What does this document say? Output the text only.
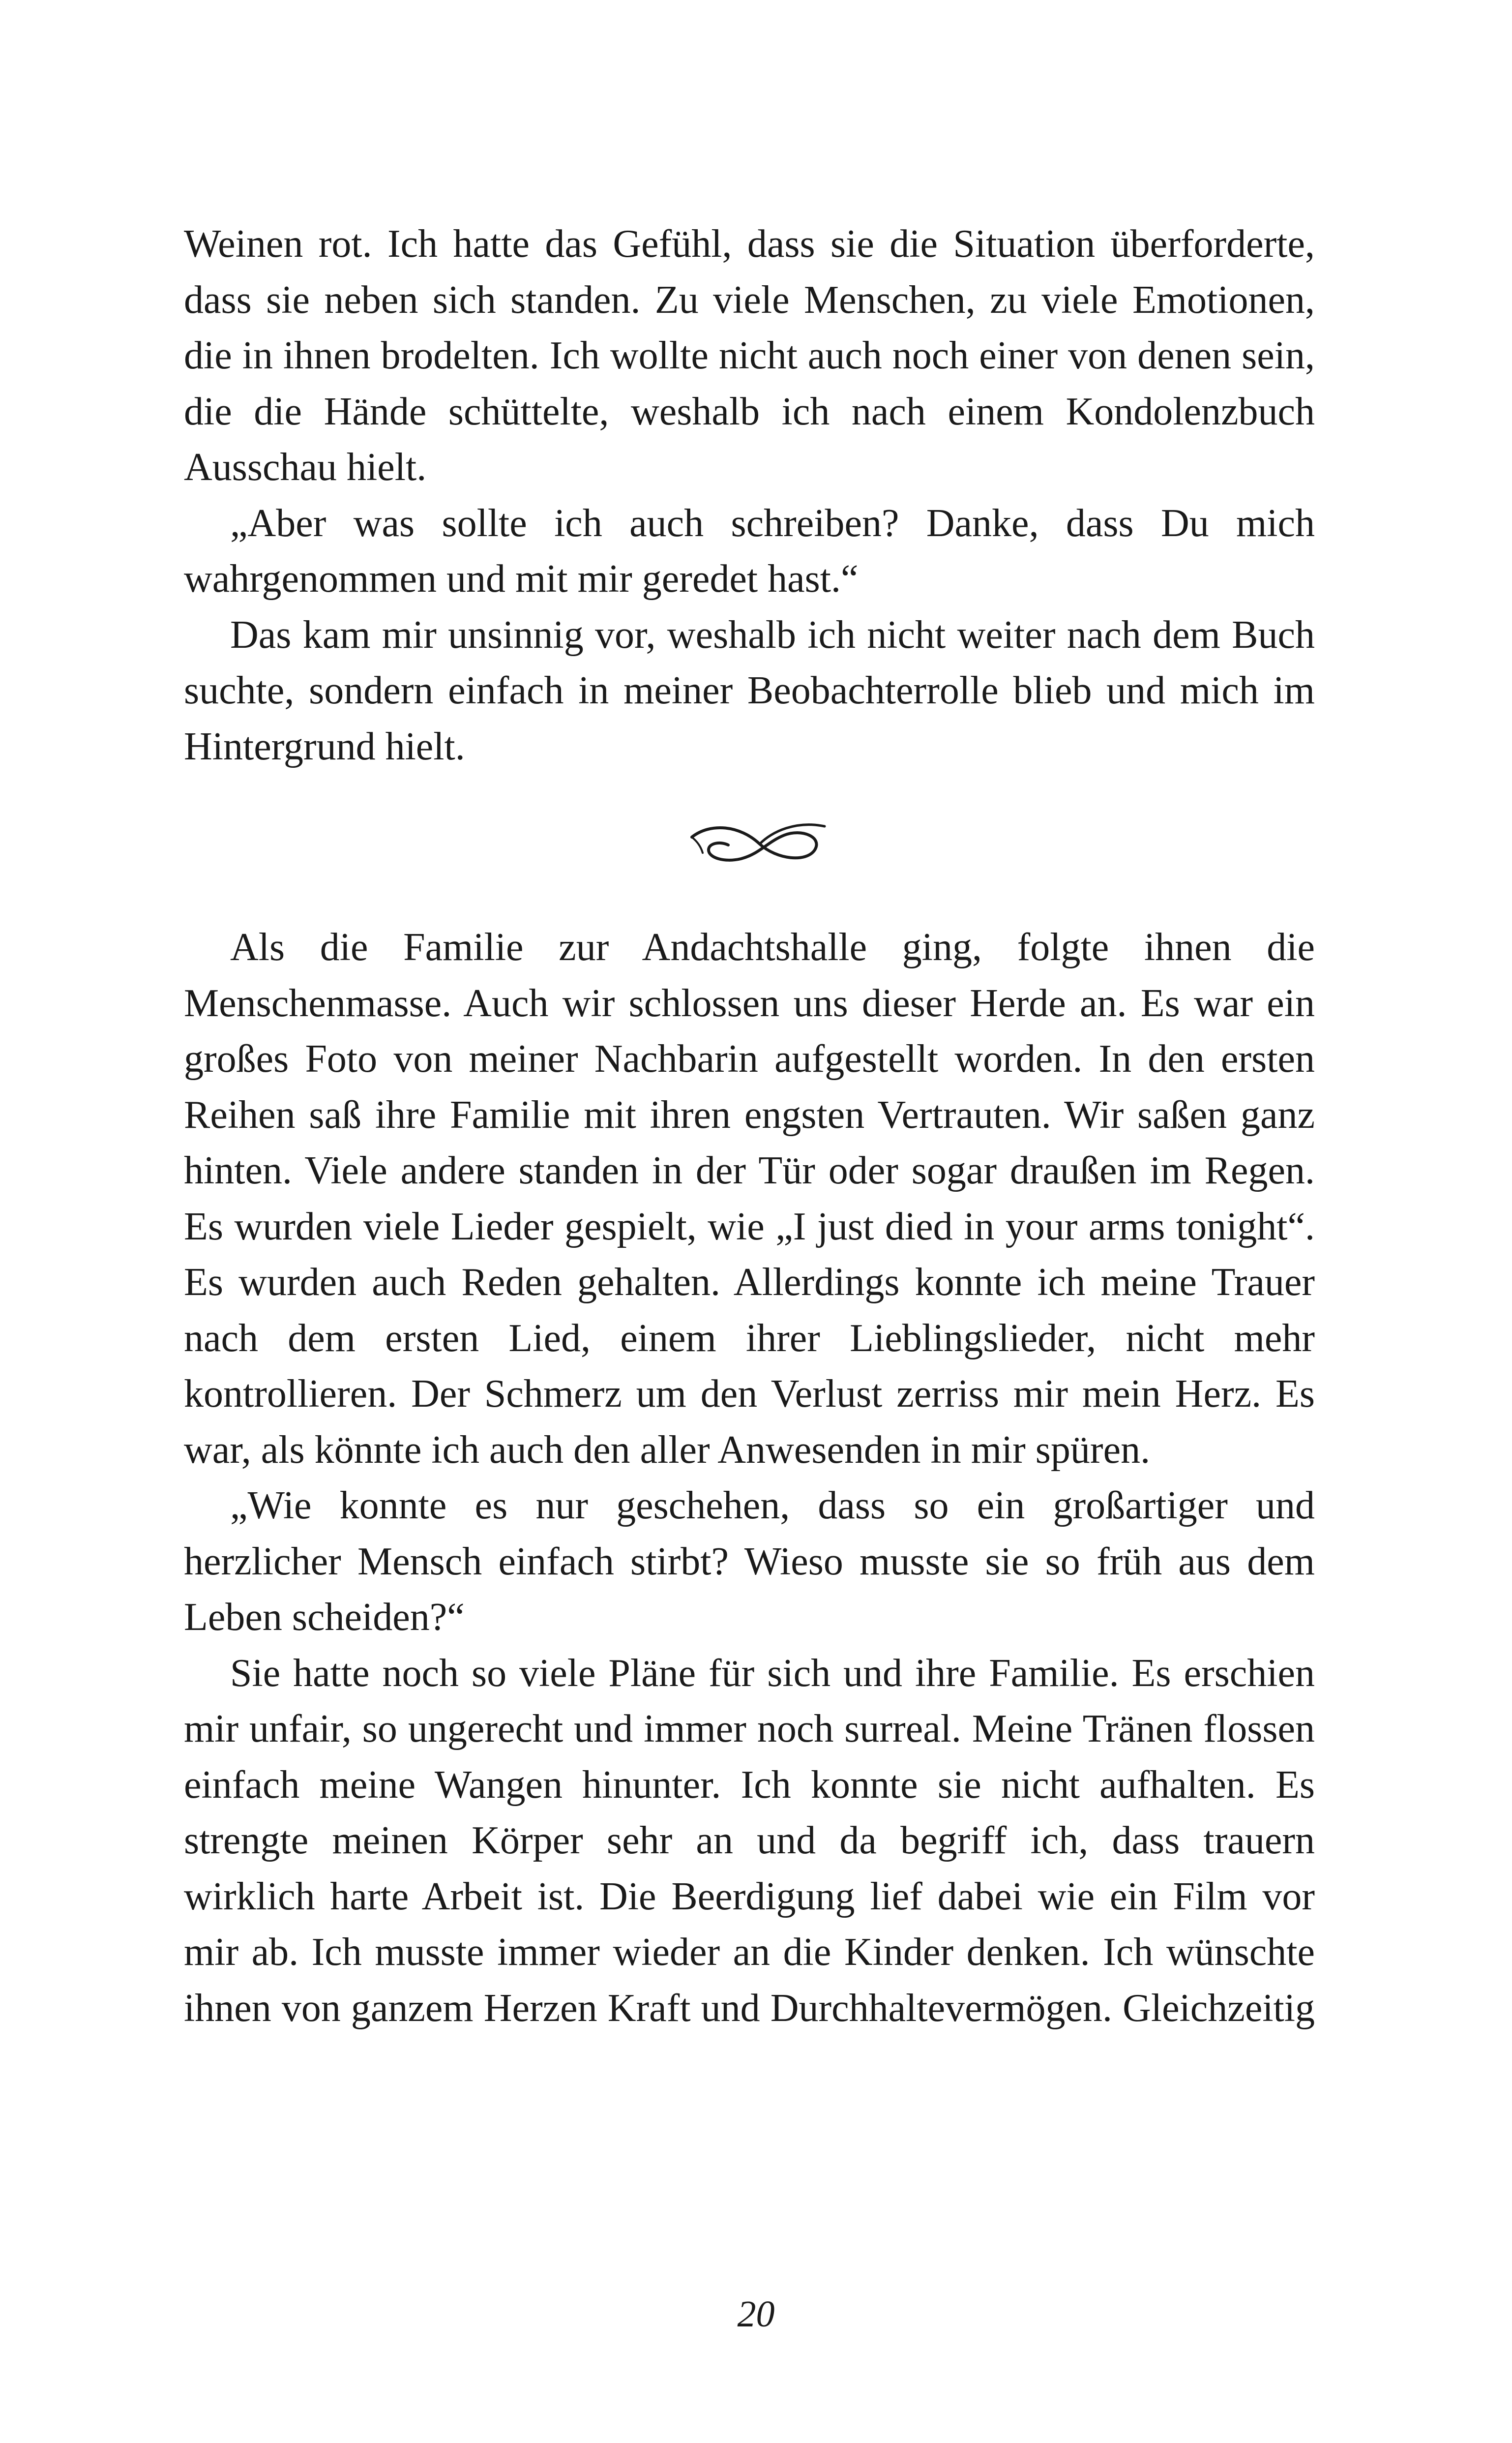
Weinen rot. Ich hatte das Gefühl, dass sie die Situation überforderte, dass sie neben sich standen. Zu viele Menschen, zu viele Emotionen, die in ihnen brodelten. Ich wollte nicht auch noch einer von denen sein, die die Hände schüttelte, weshalb ich nach einem Kondolenzbuch Ausschau hielt.

„Aber was sollte ich auch schreiben? Danke, dass Du mich wahrgenommen und mit mir geredet hast.“

Das kam mir unsinnig vor, weshalb ich nicht weiter nach dem Buch suchte, sondern einfach in meiner Beobachterrolle blieb und mich im Hintergrund hielt.

Als die Familie zur Andachtshalle ging, folgte ihnen die Menschenmasse. Auch wir schlossen uns dieser Herde an. Es war ein großes Foto von meiner Nachbarin aufgestellt worden. In den ersten Reihen saß ihre Familie mit ihren engsten Vertrauten. Wir saßen ganz hinten. Viele andere standen in der Tür oder sogar draußen im Regen. Es wurden viele Lieder gespielt, wie „I just died in your arms tonight“. Es wurden auch Reden gehalten. Allerdings konnte ich meine Trauer nach dem ersten Lied, einem ihrer Lieblingslieder, nicht mehr kontrollieren. Der Schmerz um den Verlust zerriss mir mein Herz. Es war, als könnte ich auch den aller Anwesenden in mir spüren.

„Wie konnte es nur geschehen, dass so ein großartiger und herzlicher Mensch einfach stirbt? Wieso musste sie so früh aus dem Leben scheiden?“

Sie hatte noch so viele Pläne für sich und ihre Familie. Es erschien mir unfair, so ungerecht und immer noch surreal. Meine Tränen flossen einfach meine Wangen hinunter. Ich konnte sie nicht aufhalten. Es strengte meinen Körper sehr an und da begriff ich, dass trauern wirklich harte Arbeit ist. Die Beerdigung lief dabei wie ein Film vor mir ab. Ich musste immer wieder an die Kinder denken. Ich wünschte ihnen von ganzem Herzen Kraft und Durchhaltevermögen. Gleichzeitig

20
